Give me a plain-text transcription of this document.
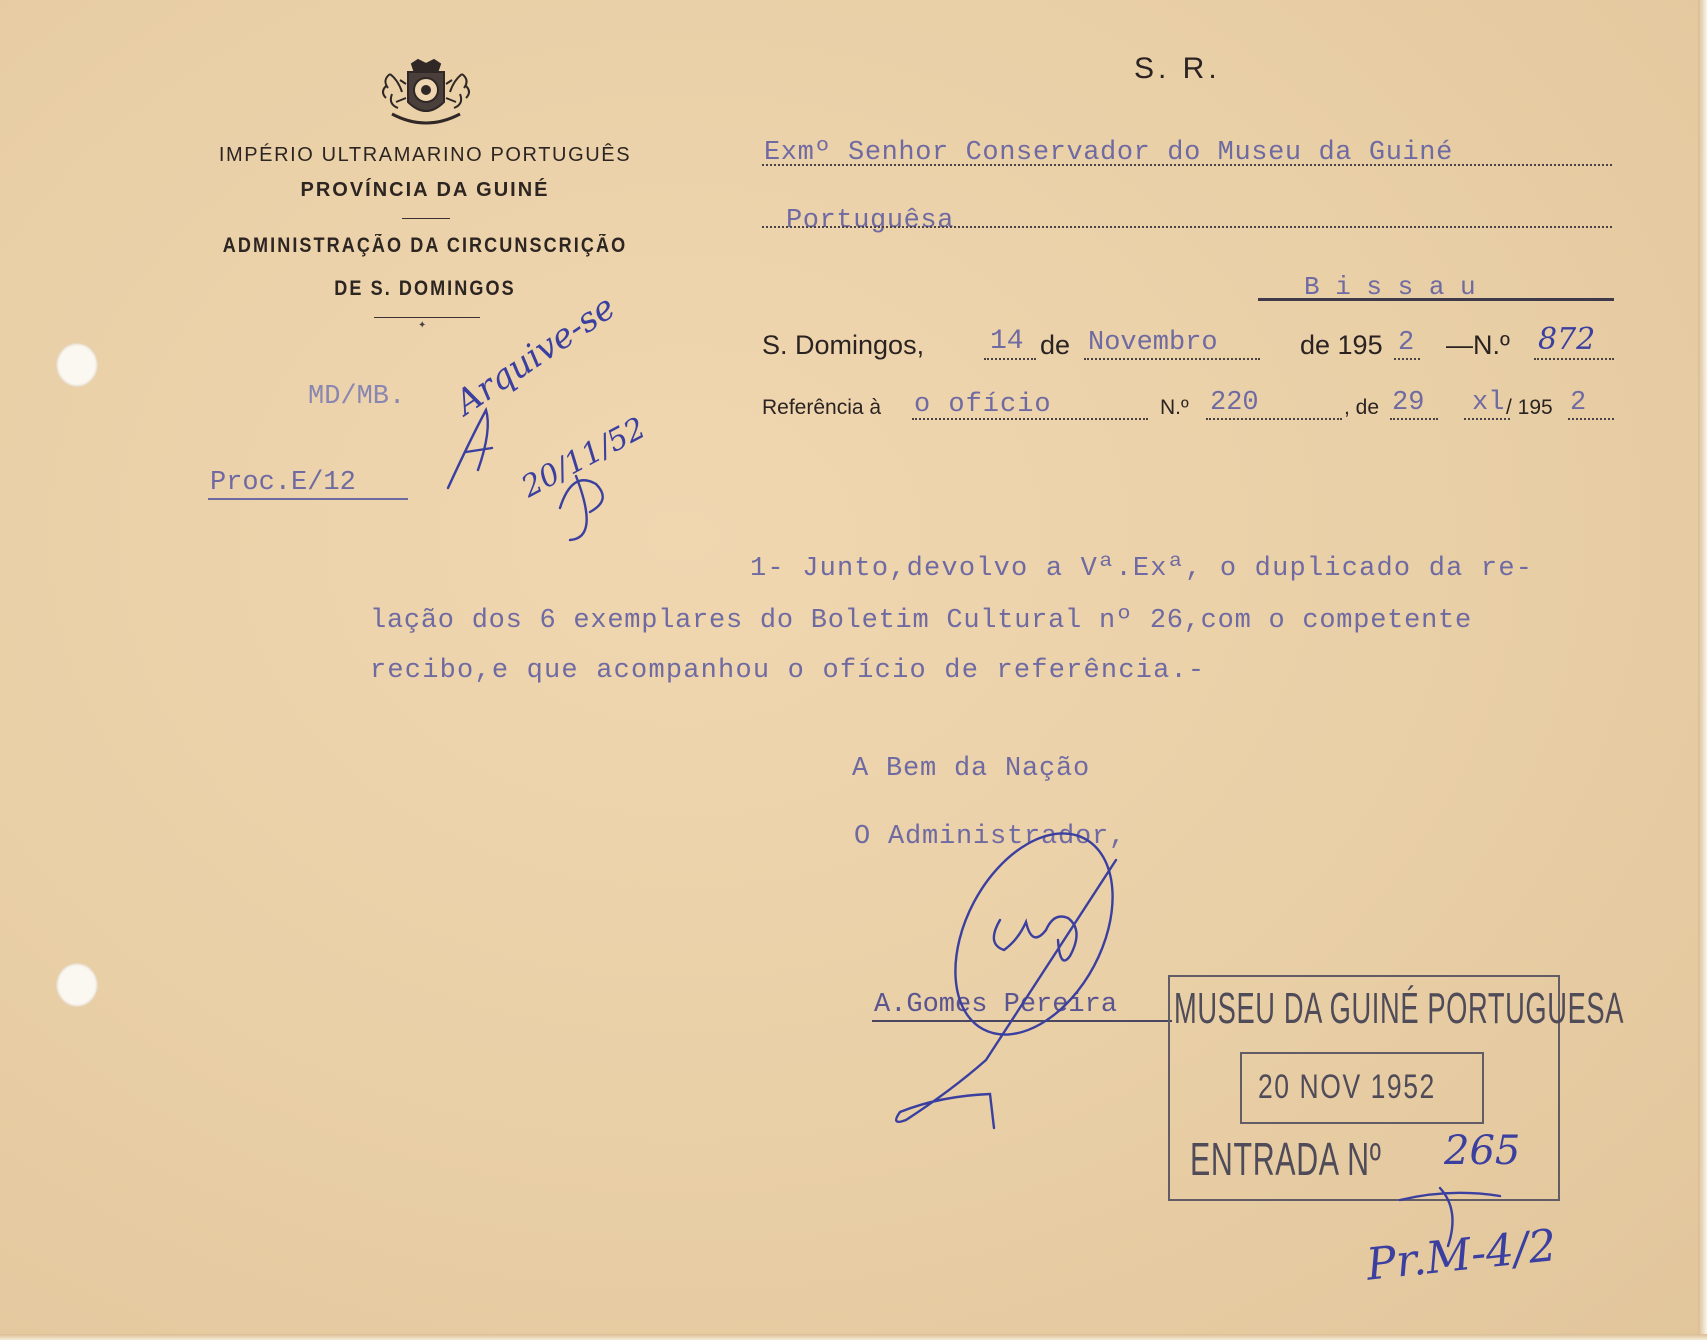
IMPÉRIO ULTRAMARINO PORTUGUÊS
PROVÍNCIA DA GUINÉ
ADMINISTRAÇÃO DA CIRCUNSCRIÇÃO
DE S. DOMINGOS
✦
S. R.
Exmº Senhor Conservador do Museu da Guiné
Portuguêsa
B i s s a u
S. Domingos, 14 de Novembro	de 195 2 —N.º 872
Referência à o ofício	N.º 220	, de 29 xl / 195 2
MD/MB.
Proc.E/12
1- Junto,devolvo a Vª.Exª, o duplicado da re-
lação dos 6 exemplares do Boletim Cultural nº 26,com o competente
recibo,e que acompanhou o ofício de referência.-
A Bem da Nação
O Administrador,
A.Gomes Pereira MUSEU DA GUINÉ PORTUGUESA
20 NOV 1952
ENTRADA Nº 265
Arquive-se
20/11/52
Pr.M-4/2
